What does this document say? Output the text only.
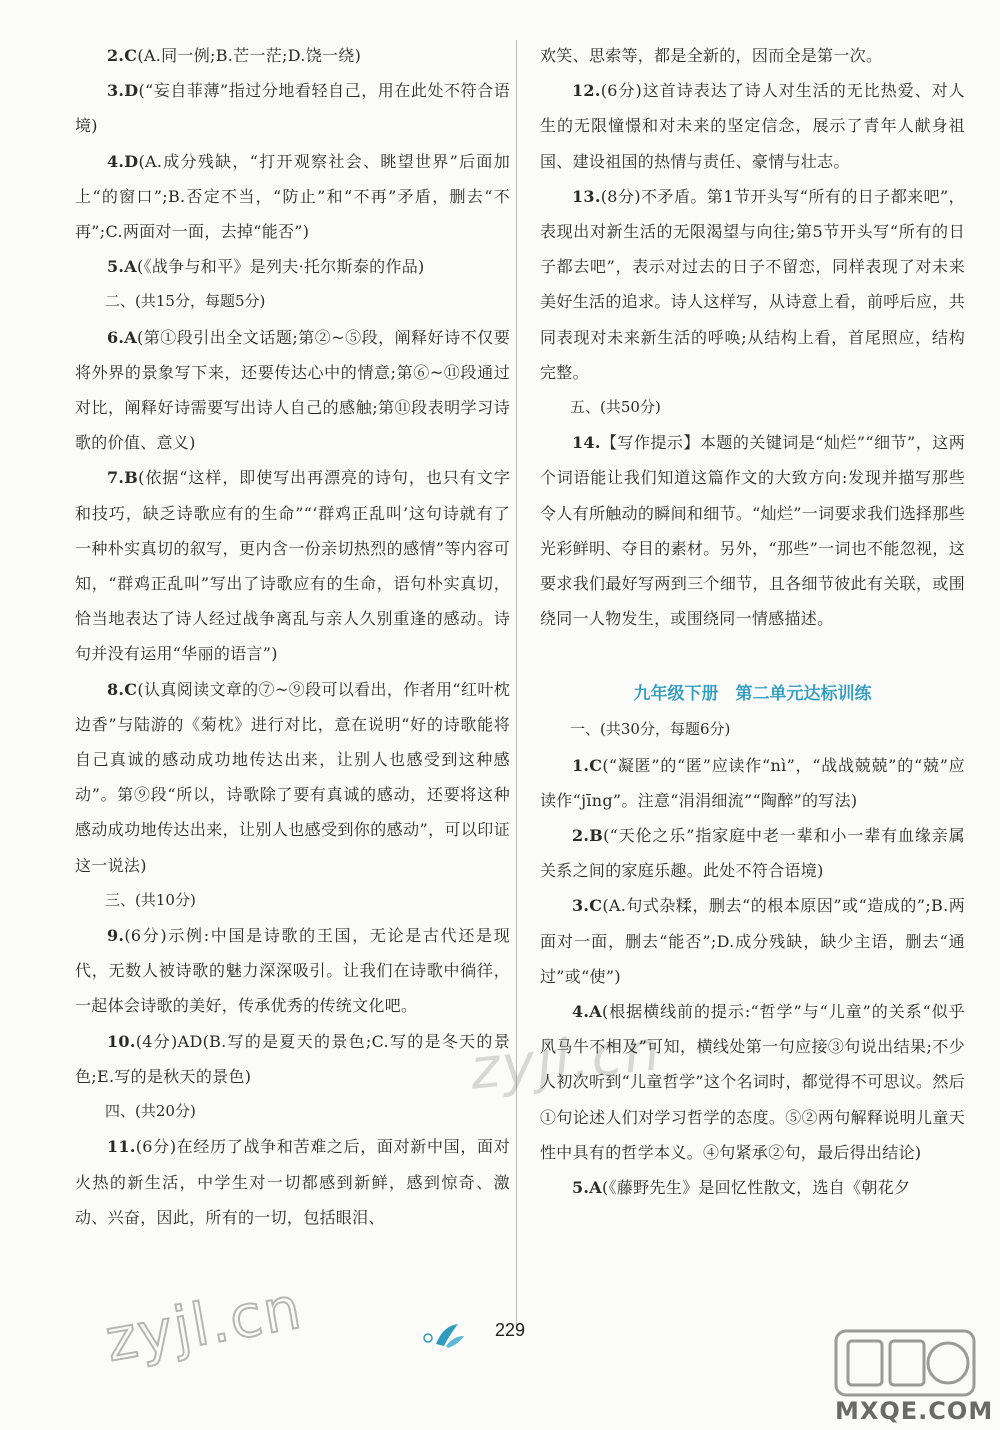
2.C(A.同一例;B.芒一茫;D.饶一绕)
3.D(“妄自菲薄”指过分地看轻自己，用在此处不符合语境)
4.D(A.成分残缺，“打开观察社会、眺望世界”后面加上“的窗口”;B.否定不当，“防止”和“不再”矛盾，删去“不再”;C.两面对一面，去掉“能否”)
5.A(《战争与和平》是列夫·托尔斯泰的作品)
二、(共15分，每题5分)
6.A(第①段引出全文话题;第②~⑤段，阐释好诗不仅要将外界的景象写下来，还要传达心中的情意;第⑥~⑪段通过对比，阐释好诗需要写出诗人自己的感触;第⑪段表明学习诗歌的价值、意义)
7.B(依据“这样，即使写出再漂亮的诗句，也只有文字和技巧，缺乏诗歌应有的生命”“‘群鸡正乱叫’这句诗就有了一种朴实真切的叙写，更内含一份亲切热烈的感情”等内容可知，“群鸡正乱叫”写出了诗歌应有的生命，语句朴实真切，恰当地表达了诗人经过战争离乱与亲人久别重逢的感动。诗句并没有运用“华丽的语言”)
8.C(认真阅读文章的⑦~⑨段可以看出，作者用“红叶枕边香”与陆游的《菊枕》进行对比，意在说明“好的诗歌能将自己真诚的感动成功地传达出来，让别人也感受到这种感动”。第⑨段“所以，诗歌除了要有真诚的感动，还要将这种感动成功地传达出来，让别人也感受到你的感动”，可以印证这一说法)
三、(共10分)
9.(6分)示例:中国是诗歌的王国，无论是古代还是现代，无数人被诗歌的魅力深深吸引。让我们在诗歌中徜徉，一起体会诗歌的美好，传承优秀的传统文化吧。
10.(4分)AD(B.写的是夏天的景色;C.写的是冬天的景色;E.写的是秋天的景色)
四、(共20分)
11.(6分)在经历了战争和苦难之后，面对新中国，面对火热的新生活，中学生对一切都感到新鲜，感到惊奇、激动、兴奋，因此，所有的一切，包括眼泪、
欢笑、思索等，都是全新的，因而全是第一次。
12.(6分)这首诗表达了诗人对生活的无比热爱、对人生的无限憧憬和对未来的坚定信念，展示了青年人献身祖国、建设祖国的热情与责任、豪情与壮志。
13.(8分)不矛盾。第1节开头写“所有的日子都来吧”，表现出对新生活的无限渴望与向往;第5节开头写“所有的日子都去吧”，表示对过去的日子不留恋，同样表现了对未来美好生活的追求。诗人这样写，从诗意上看，前呼后应，共同表现对未来新生活的呼唤;从结构上看，首尾照应，结构完整。
五、(共50分)
14.【写作提示】本题的关键词是“灿烂”“细节”，这两个词语能让我们知道这篇作文的大致方向:发现并描写那些令人有所触动的瞬间和细节。“灿烂”一词要求我们选择那些光彩鲜明、夺目的素材。另外，“那些”一词也不能忽视，这要求我们最好写两到三个细节，且各细节彼此有关联，或围绕同一人物发生，或围绕同一情感描述。
九年级下册　第二单元达标训练
一、(共30分，每题6分)
1.C(“凝匿”的“匿”应读作“nì”，“战战兢兢”的“兢”应读作“jīng”。注意“涓涓细流”“陶醉”的写法)
2.B(“天伦之乐”指家庭中老一辈和小一辈有血缘亲属关系之间的家庭乐趣。此处不符合语境)
3.C(A.句式杂糅，删去“的根本原因”或“造成的”;B.两面对一面，删去“能否”;D.成分残缺，缺少主语，删去“通过”或“使”)
4.A(根据横线前的提示:“哲学”与“儿童”的关系“似乎风马牛不相及”可知，横线处第一句应接③句说出结果;不少人初次听到“儿童哲学”这个名词时，都觉得不可思议。然后①句论述人们对学习哲学的态度。⑤②两句解释说明儿童天性中具有的哲学本义。④句紧承②句，最后得出结论)
5.A(《藤野先生》是回忆性散文，选自《朝花夕
zyjl.cn
zyjl.cn	229
MXQE.COM
